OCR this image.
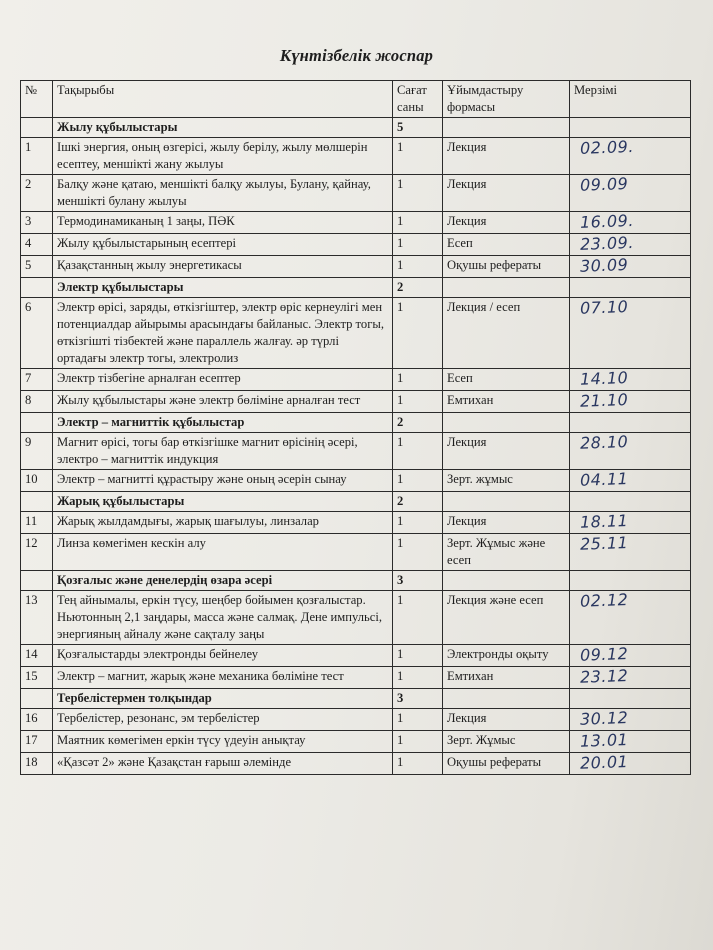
Күнтізбелік жоспар
№	Тақырыбы	Сағат саны	Ұйымдастыру формасы	Мерзімі
	Жылу құбылыстары	5		
1	Ішкі энергия, оның өзгерісі, жылу берілу, жылу мөлшерін есептеу, меншікті жану жылуы	1	Лекция	02.09.
2	Балқу және қатаю, меншікті балқу жылуы, Булану, қайнау, меншікті булану жылуы	1	Лекция	09.09
3	Термодинамиканың 1 заңы, ПӘК	1	Лекция	16.09.
4	Жылу құбылыстарының есептері	1	Есеп	23.09.
5	Қазақстанның жылу энергетикасы	1	Оқушы рефераты	30.09
	Электр құбылыстары	2		
6	Электр өрісі, заряды, өткізгіштер, электр өріс кернеулігі мен потенциалдар айырымы арасындағы байланыс. Электр тогы, өткізгішті тізбектей және параллель жалғау. әр түрлі ортадағы электр тогы, электролиз	1	Лекция / есеп	07.10
7	Электр тізбегіне арналған есептер	1	Есеп	14.10
8	Жылу құбылыстары және электр бөліміне арналған тест	1	Емтихан	21.10
	Электр – магниттік құбылыстар	2		
9	Магнит өрісі, тогы бар өткізгішке магнит өрісінің әсері, электро – магниттік индукция	1	Лекция	28.10
10	Электр – магнитті құрастыру және оның әсерін сынау	1	Зерт. жұмыс	04.11
	Жарық құбылыстары	2		
11	Жарық жылдамдығы, жарық шағылуы, линзалар	1	Лекция	18.11
12	Линза көмегімен кескін алу	1	Зерт. Жұмыс және есеп	25.11
	Қозғалыс және денелердің өзара әсері	3		
13	Тең айнымалы, еркін түсу, шеңбер бойымен қозғалыстар. Ньютонның 2,1 заңдары, масса және салмақ. Дене импульсі, энергияның айналу және сақталу заңы	1	Лекция және есеп	02.12
14	Қозғалыстарды электронды бейнелеу	1	Электронды оқыту	09.12
15	Электр – магнит, жарық және механика бөліміне тест	1	Емтихан	23.12
	Тербелістермен толқындар	3		
16	Тербелістер, резонанс, эм тербелістер	1	Лекция	30.12
17	Маятник көмегімен еркін түсу үдеуін анықтау	1	Зерт. Жұмыс	13.01
18	«Қазсәт 2» және Қазақстан ғарыш әлемінде	1	Оқушы рефераты	20.01
